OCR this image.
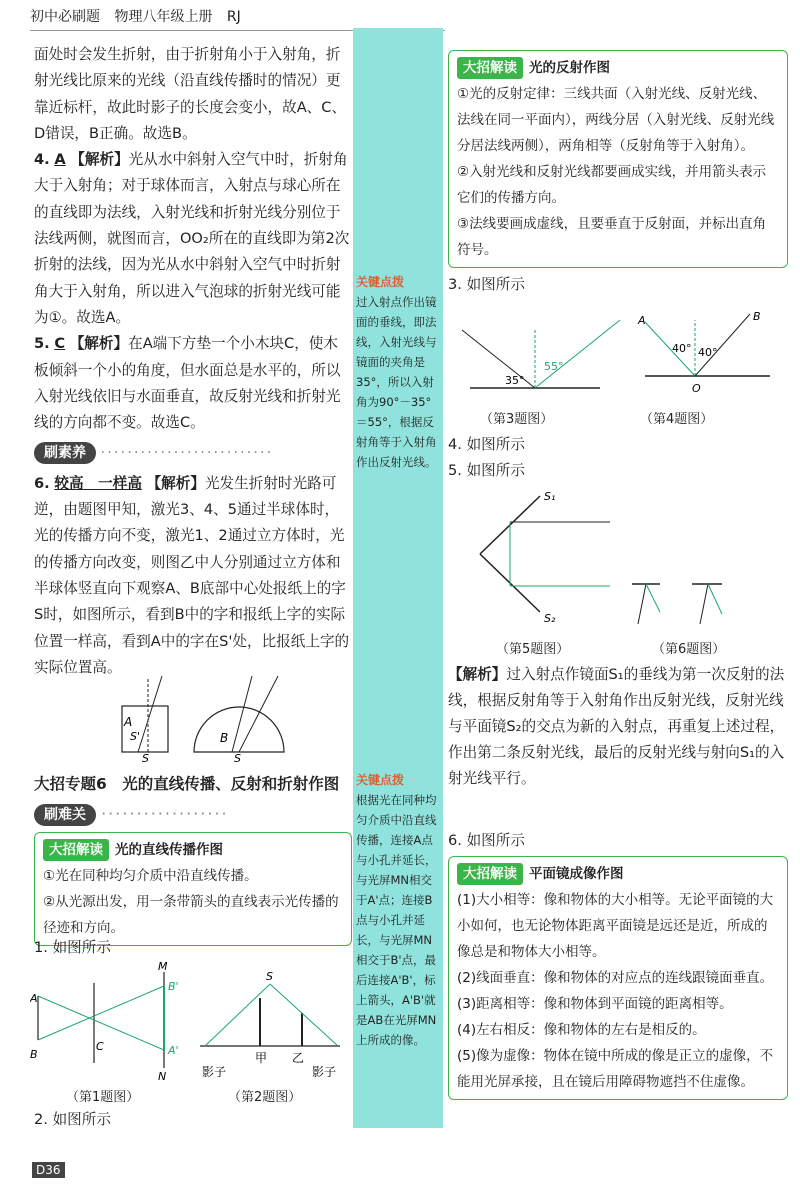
初中必刷题 物理八年级上册 RJ

面处时会发生折射，由于折射角小于入射角，折射光线比原来的光线（沿直线传播时的情况）更靠近标杆，故此时影子的长度会变小，故A、C、D错误，B正确。故选B。

4. A 【解析】光从水中斜射入空气中时，折射角大于入射角；对于球体而言，入射点与球心所在的直线即为法线，入射光线和折射光线分别位于法线两侧，就图而言，OO₂所在的直线即为第2次折射的法线，因为光从水中斜射入空气中时折射角大于入射角，所以进入气泡球的折射光线可能为①。故选A。

5. C 【解析】在A端下方垫一个小木块C，使木板倾斜一个小的角度，但水面总是水平的，所以入射光线依旧与水面垂直，故反射光线和折射光线的方向都不变。故选C。

刷素养 ··························

6. 较高　一样高 【解析】光发生折射时光路可逆，由题图甲知，激光3、4、5通过半球体时，光的传播方向不变，激光1、2通过立方体时，光的传播方向改变，则图乙中人分别通过立方体和半球体竖直向下观察A、B底部中心处报纸上的字S时，如图所示，看到B中的字和报纸上字的实际位置一样高，看到A中的字在S'处，比报纸上字的实际位置高。

A
S'
S
B
S
大招专题6　光的直线传播、反射和折射作图
刷难关 ··················
大招解读 光的直线传播作图
①光在同种均匀介质中沿直线传播。
②从光源出发，用一条带箭头的直线表示光传播的径迹和方向。
1. 如图所示
A
B
C
M
N
B'
A'
S
甲 乙
影子	影子
（第1题图）	（第2题图）
2. 如图所示
关键点拨
过入射点作出镜面的垂线，即法线，入射光线与镜面的夹角是35°，所以入射角为90°－35°＝55°，根据反射角等于入射角作出反射光线。
关键点拨
根据光在同种均匀介质中沿直线传播，连接A点与小孔并延长，与光屏MN相交于A'点；连接B点与小孔并延长，与光屏MN相交于B'点，最后连接A'B'，标上箭头，A'B'就是AB在光屏MN上所成的像。
大招解读 光的反射作图
①光的反射定律：三线共面（入射光线、反射光线、法线在同一平面内），两线分居（入射光线、反射光线分居法线两侧），两角相等（反射角等于入射角）。
②入射光线和反射光线都要画成实线，并用箭头表示它们的传播方向。
③法线要画成虚线，且要垂直于反射面，并标出直角符号。
3. 如图所示
35°
55°
A	B
O
40° 40°
（第3题图）	（第4题图）
4. 如图所示
5. 如图所示
S₁
S₂
（第5题图）	（第6题图）
【解析】过入射点作镜面S₁的垂线为第一次反射的法线，根据反射角等于入射角作出反射光线，反射光线与平面镜S₂的交点为新的入射点，再重复上述过程，作出第二条反射光线，最后的反射光线与射向S₁的入射光线平行。
6. 如图所示
大招解读 平面镜成像作图
(1)大小相等：像和物体的大小相等。无论平面镜的大小如何，也无论物体距离平面镜是远还是近，所成的像总是和物体大小相等。
(2)线面垂直：像和物体的对应点的连线跟镜面垂直。
(3)距离相等：像和物体到平面镜的距离相等。
(4)左右相反：像和物体的左右是相反的。
(5)像为虚像：物体在镜中所成的像是正立的虚像，不能用光屏承接，且在镜后用障碍物遮挡不住虚像。
D36
